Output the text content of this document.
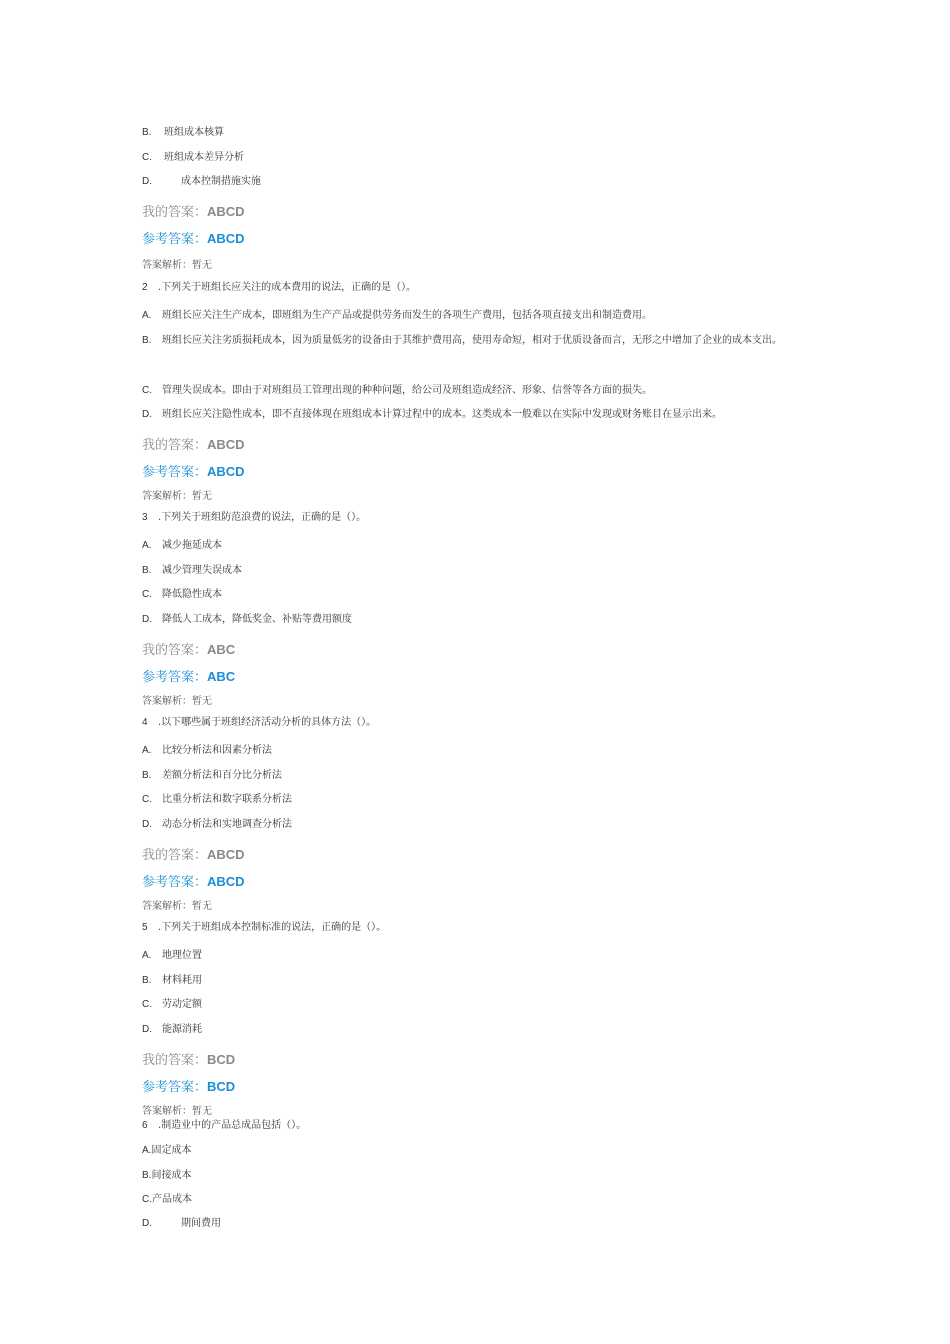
B. 班组成本核算
C. 班组成本差异分析
D.	成本控制措施实施
我的答案：ABCD
参考答案：ABCD
答案解析：暂无
2 .下列关于班组长应关注的成本费用的说法，正确的是（）。
A. 班组长应关注生产成本，即班组为生产产品或提供劳务而发生的各项生产费用，包括各项直接支出和制造费用。
B. 班组长应关注劣质损耗成本，因为质量低劣的设备由于其维护费用高，使用寿命短，相对于优质设备而言，无形之中增加了企业的成本支出。
C. 管理失误成本。即由于对班组员工管理出现的种种问题，给公司及班组造成经济、形象、信誉等各方面的损失。
D. 班组长应关注隐性成本，即不直接体现在班组成本计算过程中的成本。这类成本一般难以在实际中发现或财务账目在显示出来。
我的答案：ABCD
参考答案：ABCD
答案解析：暂无
3 .下列关于班组防范浪费的说法，正确的是（）。
A. 减少拖延成本
B. 减少管理失误成本
C. 降低隐性成本
D. 降低人工成本，降低奖金、补贴等费用额度
我的答案：ABC
参考答案：ABC
答案解析：暂无
4 .以下哪些属于班组经济活动分析的具体方法（）。
A. 比较分析法和因素分析法
B. 差额分析法和百分比分析法
C. 比重分析法和数字联系分析法
D. 动态分析法和实地调查分析法
我的答案：ABCD
参考答案：ABCD
答案解析：暂无
5 .下列关于班组成本控制标准的说法，正确的是（）。
A. 地理位置
B. 材料耗用
C. 劳动定额
D. 能源消耗
我的答案：BCD
参考答案：BCD
答案解析：暂无
6 .制造业中的产品总成品包括（）。
A.固定成本
B.间接成本
C.产品成本
D.	期间费用
